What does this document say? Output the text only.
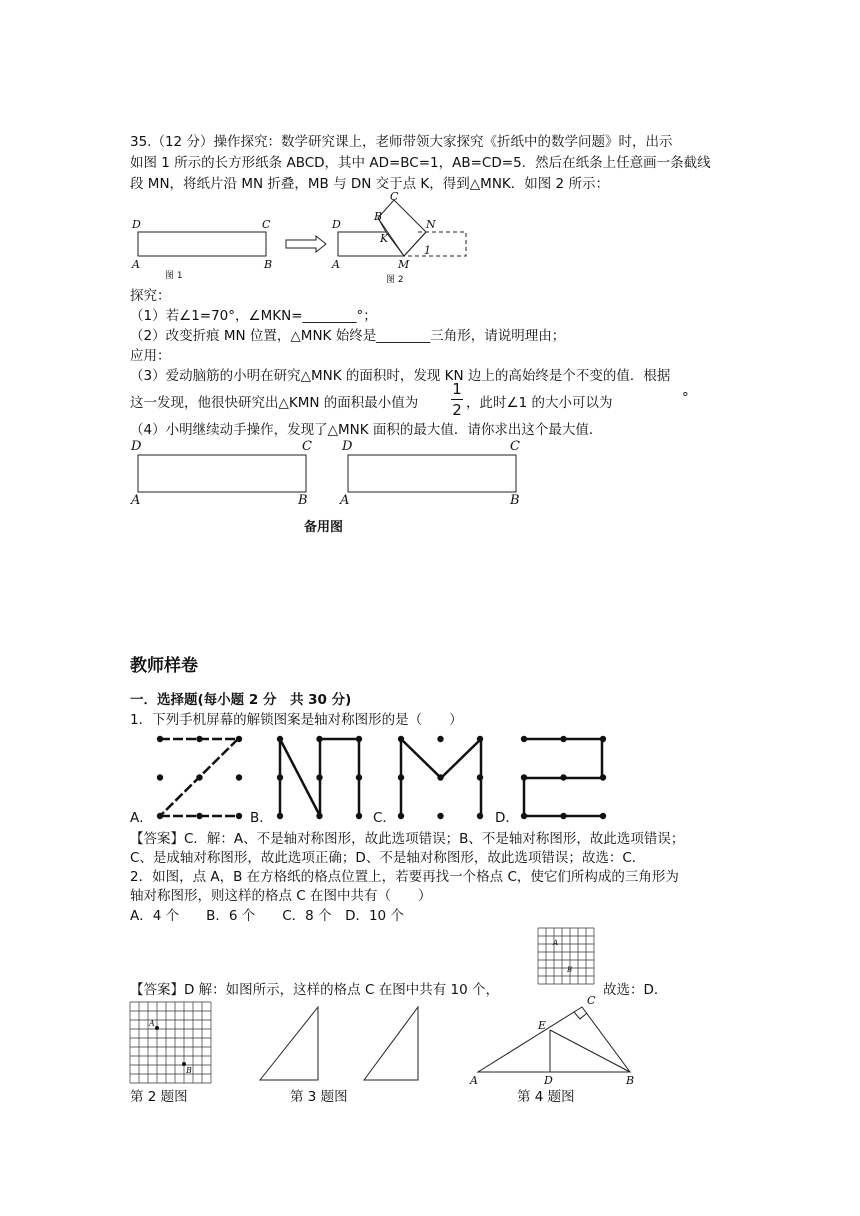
35.（12 分）操作探究：数学研究课上，老师带领大家探究《折纸中的数学问题》时，出示
如图 1 所示的长方形纸条 ABCD，其中 AD=BC=1，AB=CD=5．然后在纸条上任意画一条截线
段 MN，将纸片沿 MN 折叠，MB 与 DN 交于点 K，得到△MNK．如图 2 所示：
D	C
A	B
图 1
D
B
C
N
K
1
A	M
图 2
探究：
（1）若∠1=70°，∠MKN=________°；
（2）改变折痕 MN 位置，△MNK 始终是________三角形，请说明理由；
应用：
（3）爱动脑筋的小明在研究△MNK 的面积时，发现 KN 边上的高始终是个不变的值．根据
这一发现，他很快研究出△KMN 的面积最小值为
1
2 ，此时∠1 的大小可以为	°
（4）小明继续动手操作，发现了△MNK 面积的最大值．请你求出这个最大值．
D	C
A	B
D	C
A	B
备用图
教师样卷
一．选择题(每小题 2 分　共 30 分)
1．下列手机屏幕的解锁图案是轴对称图形的是（　　）
A．	B．	C．	D．
【答案】C．解：A、不是轴对称图形，故此选项错误；B、不是轴对称图形，故此选项错误；
C、是成轴对称图形，故此选项正确；D、不是轴对称图形，故此选项错误；故选：C．
2．如图，点 A，B 在方格纸的格点位置上，若要再找一个格点 C，使它们所构成的三角形为
轴对称图形，则这样的格点 C 在图中共有（　　）
A．4 个　　B．6 个　　C．8 个　D．10 个
A
B
【答案】D 解：如图所示，这样的格点 C 在图中共有 10 个，	故选：D．
A
B
A	D	B
E
C
第 2 题图	第 3 题图	第 4 题图
